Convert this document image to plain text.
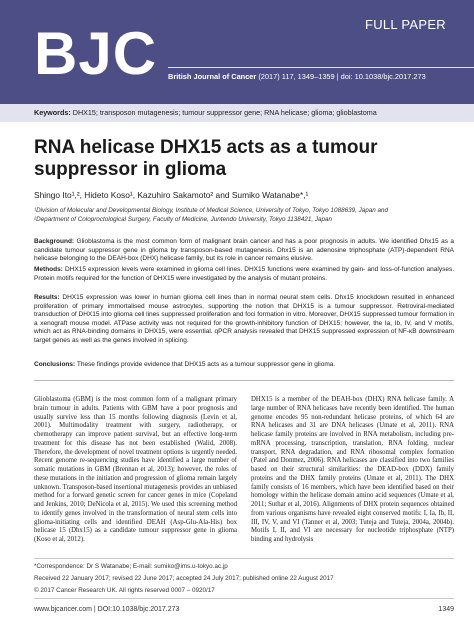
BJC	FULL PAPER
British Journal of Cancer (2017) 117, 1349–1359 | doi: 10.1038/bjc.2017.273
Keywords: DHX15; transposon mutagenesis; tumour suppressor gene; RNA helicase; glioma; glioblastoma
RNA helicase DHX15 acts as a tumour suppressor in glioma
Shingo Ito¹,², Hideto Koso¹, Kazuhiro Sakamoto² and Sumiko Watanabe*,¹
¹Division of Molecular and Developmental Biology, Institute of Medical Science, University of Tokyo, Tokyo 1088639, Japan and
²Department of Coloproctological Surgery, Faculty of Medicine, Juntendo University, Tokyo 1138421, Japan
Background: Glioblastoma is the most common form of malignant brain cancer and has a poor prognosis in adults. We identified Dhx15 as a candidate tumour suppressor gene in glioma by transposon-based mutagenesis. Dhx15 is an adenosine triphosphate (ATP)-dependent RNA helicase belonging to the DEAH-box (DHX) helicase family, but its role in cancer remains elusive.
Methods: DHX15 expression levels were examined in glioma cell lines. DHX15 functions were examined by gain- and loss-of-function analyses. Protein motifs required for the function of DHX15 were investigated by the analysis of mutant proteins.
Results: DHX15 expression was lower in human glioma cell lines than in normal neural stem cells. Dhx15 knockdown resulted in enhanced proliferation of primary immortalised mouse astrocytes, supporting the notion that DHX15 is a tumour suppressor. Retroviral-mediated transduction of DHX15 into glioma cell lines suppressed proliferation and foci formation in vitro. Moreover, DHX15 suppressed tumour formation in a xenograft mouse model. ATPase activity was not required for the growth-inhibitory function of DHX15; however, the Ia, Ib, IV, and V motifs, which act as RNA-binding domains in DHX15, were essential. qPCR analysis revealed that DHX15 suppressed expression of NF-κB downstream target genes as well as the genes involved in splicing.
Conclusions: These findings provide evidence that DHX15 acts as a tumour suppressor gene in glioma.
Glioblastoma (GBM) is the most common form of a malignant primary brain tumour in adults. Patients with GBM have a poor prognosis and usually survive less than 15 months following diagnosis (Levin et al, 2001). Multimodality treatment with surgery, radiotherapy, or chemotherapy can improve patient survival, but an effective long-term treatment for this disease has not been established (Walid, 2008). Therefore, the development of novel treatment options is urgently needed. Recent genome re-sequencing studies have identified a large number of somatic mutations in GBM (Brennan et al, 2013); however, the roles of these mutations in the initiation and progression of glioma remain largely unknown. Transposon-based insertional mutagenesis provides an unbiased method for a forward genetic screen for cancer genes in mice (Copeland and Jenkins, 2010; DeNicola et al, 2015). We used this screening method to identify genes involved in the transformation of neural stem cells into glioma-initiating cells and identified DEAH (Asp-Glu-Ala-His) box helicase 15 (Dhx15) as a candidate tumour suppressor gene in glioma (Koso et al, 2012).
DHX15 is a member of the DEAH-box (DHX) RNA helicase family. A large number of RNA helicases have recently been identified. The human genome encodes 95 non-redundant helicase proteins, of which 64 are RNA helicases and 31 are DNA helicases (Umate et al, 2011). RNA helicase family proteins are involved in RNA metabolism, including pre-mRNA processing, transcription, translation, RNA folding, nuclear transport, RNA degradation, and RNA ribosomal complex formation (Patel and Donmez, 2006). RNA helicases are classified into two families based on their structural similarities: the DEAD-box (DDX) family proteins and the DHX family proteins (Umate et al, 2011). The DHX family consists of 16 members, which have been identified based on their homology within the helicase domain amino acid sequences (Umate et al, 2011; Suthar et al, 2016). Alignments of DHX protein sequences obtained from various organisms have revealed eight conserved motifs: I, Ia, Ib, II, III, IV, V, and VI (Tanner et al, 2003; Tuteja and Tuteja, 2004a, 2004b). Motifs I, II, and VI are necessary for nucleotide triphosphate (NTP) binding and hydrolysis
*Correspondence: Dr S Watanabe; E-mail: sumiko@ims.u-tokyo.ac.jp
Received 22 January 2017; revised 22 June 2017; accepted 24 July 2017; published online 22 August 2017
© 2017 Cancer Research UK. All rights reserved 0007 – 0920/17
www.bjcancer.com | DOI:10.1038/bjc.2017.273	1349
